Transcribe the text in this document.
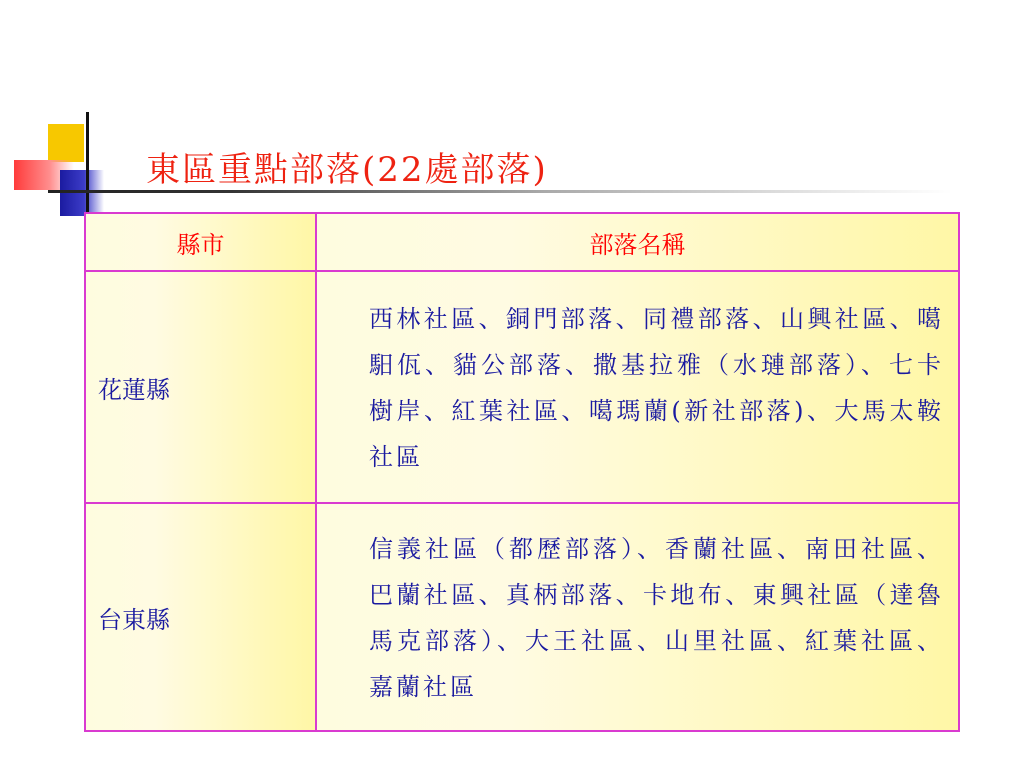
東區重點部落(22處部落)
縣市	部落名稱
花蓮縣	西林社區、銅門部落、同禮部落、山興社區、噶馹佤、貓公部落、撒基拉雅（水璉部落）、七卡樹岸、紅葉社區、噶瑪蘭(新社部落)、大馬太鞍社區
台東縣	信義社區（都歷部落）、香蘭社區、南田社區、巴蘭社區、真柄部落、卡地布、東興社區（達魯馬克部落）、大王社區、山里社區、紅葉社區、嘉蘭社區
